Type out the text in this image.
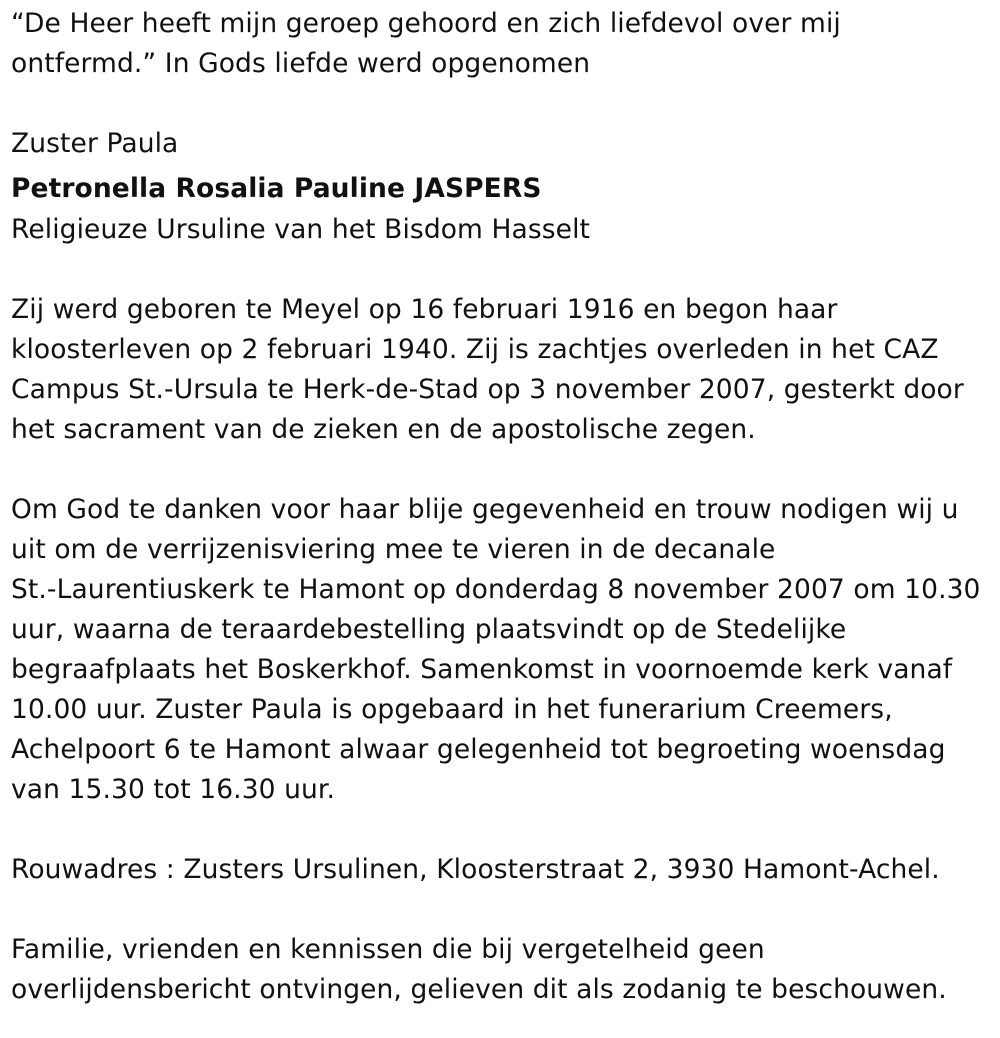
“De Heer heeft mijn geroep gehoord en zich liefdevol over mij

ontfermd.” In Gods liefde werd opgenomen

Zuster Paula

Petronella Rosalia Pauline JASPERS

Religieuze Ursuline van het Bisdom Hasselt

Zij werd geboren te Meyel op 16 februari 1916 en begon haar

kloosterleven op 2 februari 1940. Zij is zachtjes overleden in het CAZ

Campus St.-Ursula te Herk-de-Stad op 3 november 2007, gesterkt door

het sacrament van de zieken en de apostolische zegen.

Om God te danken voor haar blije gegevenheid en trouw nodigen wij u

uit om de verrijzenisviering mee te vieren in de decanale

St.-Laurentiuskerk te Hamont op donderdag 8 november 2007 om 10.30

uur, waarna de teraardebestelling plaatsvindt op de Stedelijke

begraafplaats het Boskerkhof. Samenkomst in voornoemde kerk vanaf

10.00 uur. Zuster Paula is opgebaard in het funerarium Creemers,

Achelpoort 6 te Hamont alwaar gelegenheid tot begroeting woensdag

van 15.30 tot 16.30 uur.

Rouwadres : Zusters Ursulinen, Kloosterstraat 2, 3930 Hamont-Achel.

Familie, vrienden en kennissen die bij vergetelheid geen

overlijdensbericht ontvingen, gelieven dit als zodanig te beschouwen.
